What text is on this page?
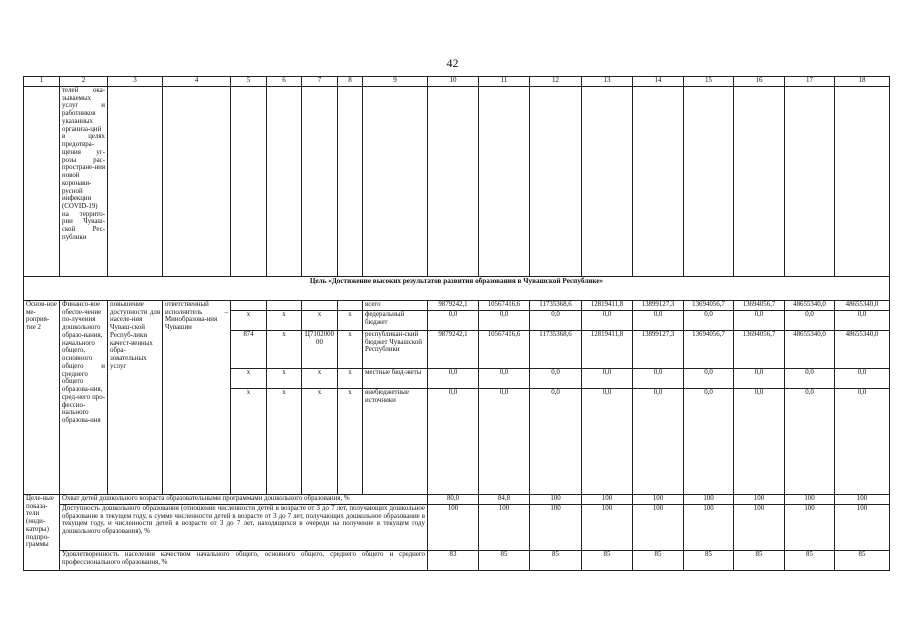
42
1	2	3	4	5	6	7	8	9	10	11	12	13	14	15	16	17	18
	телей ока-зываемых услуг и работников указанных организа-ций в целях предотвра-щения уг-розы рас-простране-ния новой коронави-русной инфекции (COVID-19) на террито-рии Чуваш-ской Рес-публики																
Цель «Достижение высоких результатов развития образования в Чувашской Республике»																	
Основ-ное ме-роприя-тие 2	Финансо-вое обеспе-чение по-лучения дошкольного образо-вания, начального общего, основного общего и среднего общего образова-ния, сред-него про-фессио-нального образова-ния	повышение доступности для населе-ния Чуваш-ской Респуб-лики качест-венных обра-зовательных услуг	ответственный исполнитель – Минобразова-ния Чувашии					всего	9879242,1	10567416,6	11735368,6	12819411,8	13899127,3	13694056,7	13694056,7	48655340,0	48655340,0
				x	x	x	x	федеральный бюджет	0,0	0,0	0,0	0,0	0,0	0,0	0,0	0,0	0,0
				874	x	Ц710200000	x	республикан-ский бюджет Чувашской Республики	9879242,1	10567416,6	11735368,6	12819411,8	13899127,3	13694056,7	13694056,7	48655340,0	48655340,0
				x	x	x	x	местные бюд-жеты	0,0	0,0	0,0	0,0	0,0	0,0	0,0	0,0	0,0
				x	x	x	x	внебюджетные источники	0,0	0,0	0,0	0,0	0,0	0,0	0,0	0,0	0,0
Целе-вые показа-тели (инди-каторы) подпро-граммы	Охват детей дошкольного возраста образовательными программами дошкольного образования, %								80,0	84,8	100	100	100	100	100	100	100
	Доступность дошкольного образования (отношение численности детей в возрасте от 3 до 7 лет, получающих дошкольное образование в текущем году, к сумме численности детей в возрасте от 3 до 7 лет, получающих дошкольное образование в текущем году, и численности детей в возрасте от 3 до 7 лет, находящихся в очереди на получение в текущем году дошкольного образования), %								100	100	100	100	100	100	100	100	100
	Удовлетворенность населения качеством начального общего, основного общего, среднего общего и среднего профессионального образования, %								83	85	85	85	85	85	85	85	85
